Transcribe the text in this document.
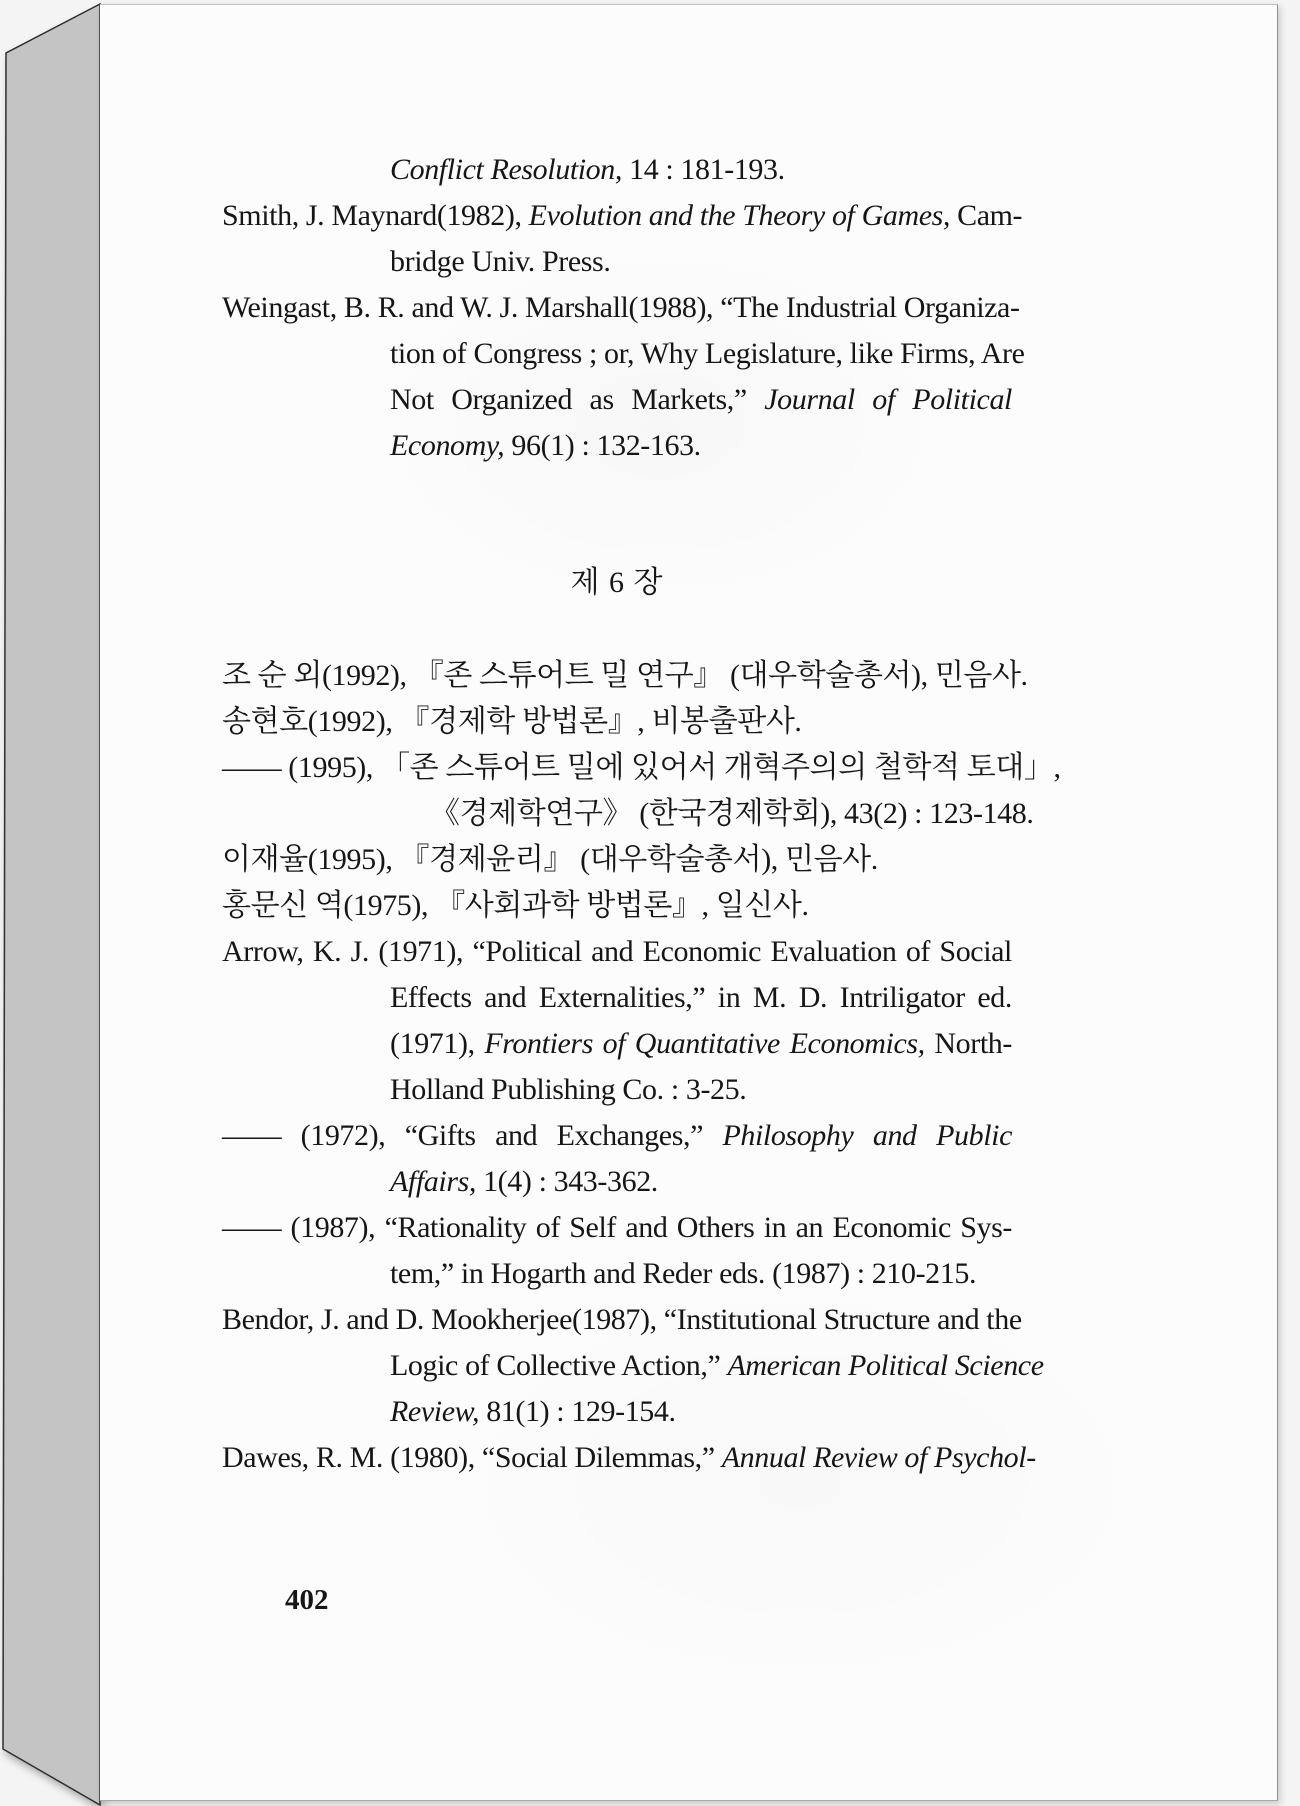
Conflict Resolution, 14 : 181-193.
Smith, J. Maynard(1982), Evolution and the Theory of Games, Cam-
bridge Univ. Press.
Weingast, B. R. and W. J. Marshall(1988), “The Industrial Organiza-
tion of Congress ; or, Why Legislature, like Firms, Are
Not Organized as Markets,” Journal of Political
Economy, 96(1) : 132-163.
제 6 장
조 순 외(1992), 『존 스튜어트 밀 연구』 (대우학술총서), 민음사.
송현호(1992), 『경제학 방법론』, 비봉출판사.
—— (1995), 「존 스튜어트 밀에 있어서 개혁주의의 철학적 토대」,
《경제학연구》 (한국경제학회), 43(2) : 123-148.
이재율(1995), 『경제윤리』 (대우학술총서), 민음사.
홍문신 역(1975), 『사회과학 방법론』, 일신사.
Arrow, K. J. (1971), “Political and Economic Evaluation of Social
Effects and Externalities,” in M. D. Intriligator ed.
(1971), Frontiers of Quantitative Economics, North-
Holland Publishing Co. : 3-25.
—— (1972), “Gifts and Exchanges,” Philosophy and Public
Affairs, 1(4) : 343-362.
—— (1987), “Rationality of Self and Others in an Economic Sys-
tem,” in Hogarth and Reder eds. (1987) : 210-215.
Bendor, J. and D. Mookherjee(1987), “Institutional Structure and the
Logic of Collective Action,” American Political Science
Review, 81(1) : 129-154.
Dawes, R. M. (1980), “Social Dilemmas,” Annual Review of Psychol-
402
